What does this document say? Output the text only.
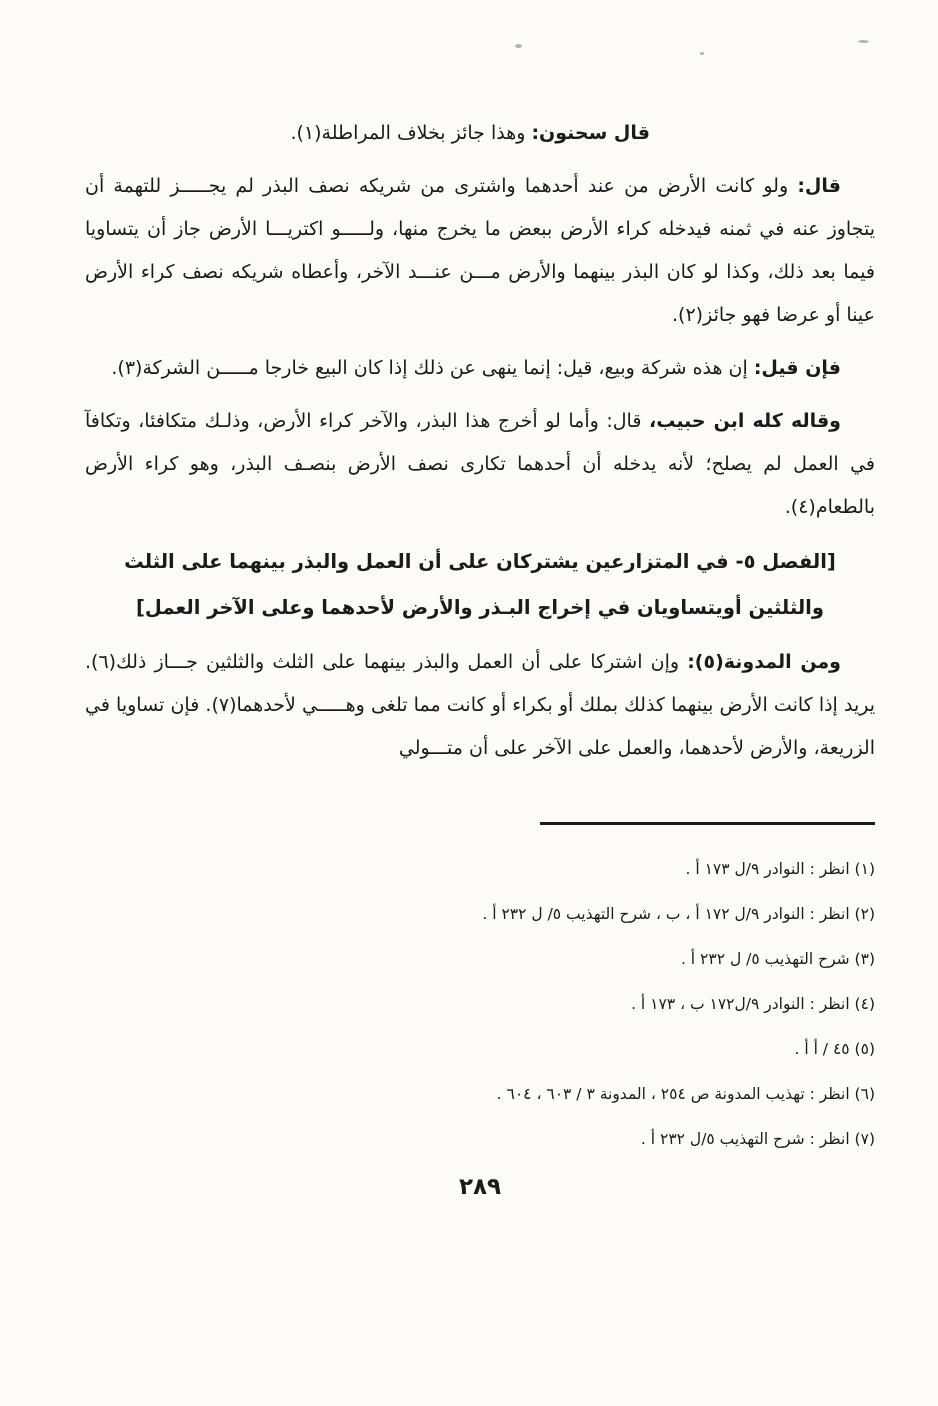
قال سحنون: وهذا جائز بخلاف المراطلة(١).

قال: ولو كانت الأرض من عند أحدهما واشترى من شريكه نصف البذر لم يجـــــز للتهمة أن يتجاوز عنه في ثمنه فيدخله كراء الأرض ببعض ما يخرج منها، ولـــــو اكتريـــا الأرض جاز أن يتساويا فيما بعد ذلك، وكذا لو كان البذر بينهما والأرض مـــن عنـــد الآخر، وأعطاه شريكه نصف كراء الأرض عينا أو عرضا فهو جائز(٢).

فإن قيل: إن هذه شركة وبيع، قيل: إنما ينهى عن ذلك إذا كان البيع خارجا مـــــن الشركة(٣).

وقاله كله ابن حبيب، قال: وأما لو أخرج هذا البذر، والآخر كراء الأرض، وذلـك متكافئا، وتكافآ في العمل لم يصلح؛ لأنه يدخله أن أحدهما تكارى نصف الأرض بنصـف البذر، وهو كراء الأرض بالطعام(٤).

[الفصل ٥- في المتزارعين يشتركان على أن العمل والبذر بينهما على الثلث والثلثين أويتساويان في إخراج البـذر والأرض لأحدهما وعلى الآخر العمل]

ومن المدونة(٥): وإن اشتركا على أن العمل والبذر بينهما على الثلث والثلثين جـــاز ذلك(٦). يريد إذا كانت الأرض بينهما كذلك بملك أو بكراء أو كانت مما تلغى وهـــــي لأحدهما(٧). فإن تساويا في الزريعة، والأرض لأحدهما، والعمل على الآخر على أن متـــولي

(١) انظر : النوادر ٩/ل ١٧٣ أ .
(٢) انظر : النوادر ٩/ل ١٧٢ أ ، ب ، شرح التهذيب ٥/ ل ٢٣٢ أ .
(٣) شرح التهذيب ٥/ ل ٢٣٢ أ .
(٤) انظر : النوادر ٩/ل١٧٢ ب ، ١٧٣ أ .
(٥) ٤٥ / أ أ .
(٦) انظر : تهذيب المدونة ص ٢٥٤ ، المدونة ٣ / ٦٠٣ ، ٦٠٤ .
(٧) انظر : شرح التهذيب ٥/ل ٢٣٢ أ .
٢٨٩
